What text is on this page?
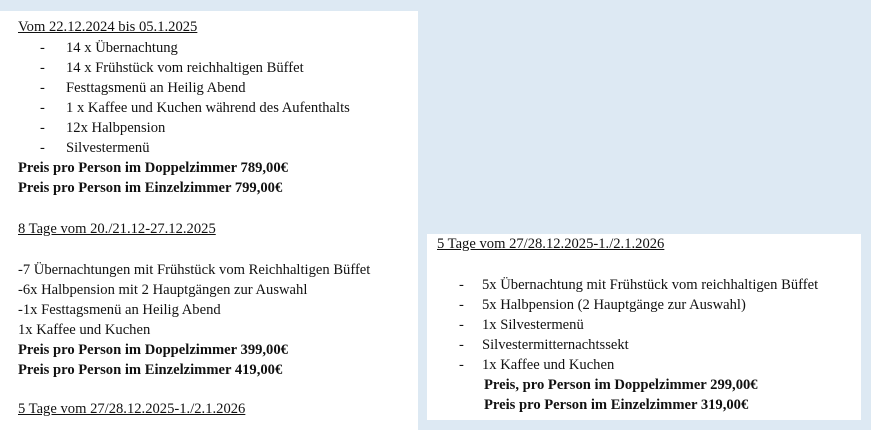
Vom 22.12.2024 bis 05.1.2025
- 14 x Übernachtung
- 14 x Frühstück vom reichhaltigen Büffet
- Festtagsmenü an Heilig Abend
- 1 x Kaffee und Kuchen während des Aufenthalts
- 12x Halbpension
- Silvestermenü
Preis pro Person im Doppelzimmer 789,00€
Preis pro Person im Einzelzimmer 799,00€
8 Tage vom 20./21.12-27.12.2025
-7 Übernachtungen mit Frühstück vom Reichhaltigen Büffet
-6x Halbpension mit 2 Hauptgängen zur Auswahl
-1x Festtagsmenü an Heilig Abend
1x Kaffee und Kuchen
Preis pro Person im Doppelzimmer 399,00€
Preis pro Person im Einzelzimmer 419,00€
5 Tage vom 27/28.12.2025-1./2.1.2026
5 Tage vom 27/28.12.2025-1./2.1.2026
- 5x Übernachtung mit Frühstück vom reichhaltigen Büffet
- 5x Halbpension (2 Hauptgänge zur Auswahl)
- 1x Silvestermenü
- Silvestermitternachtssekt
- 1x Kaffee und Kuchen
Preis, pro Person im Doppelzimmer 299,00€
Preis pro Person im Einzelzimmer 319,00€
